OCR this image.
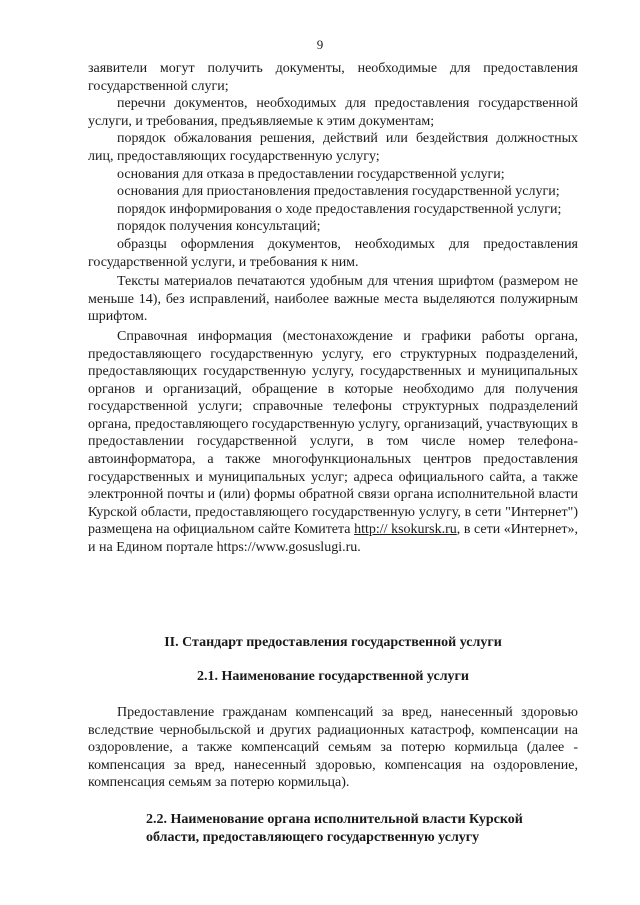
9

заявители могут получить документы, необходимые для предоставления государственной слуги;

перечни документов, необходимых для предоставления государственной услуги, и требования, предъявляемые к этим документам;

порядок обжалования решения, действий или бездействия должностных лиц, предоставляющих государственную услугу;

основания для отказа в предоставлении государственной услуги;

основания для приостановления предоставления государственной услуги;

порядок информирования о ходе предоставления государственной услуги;

порядок получения консультаций;

образцы оформления документов, необходимых для предоставления государственной услуги, и требования к ним.

Тексты материалов печатаются удобным для чтения шрифтом (размером не меньше 14), без исправлений, наиболее важные места выделяются полужирным шрифтом.

Справочная информация (местонахождение и графики работы органа, предоставляющего государственную услугу, его структурных подразделений, предоставляющих государственную услугу, государственных и муниципальных органов и организаций, обращение в которые необходимо для получения государственной услуги; справочные телефоны структурных подразделений органа, предоставляющего государственную услугу, организаций, участвующих в предоставлении государственной услуги, в том числе номер телефона-автоинформатора, а также многофункциональных центров предоставления государственных и муниципальных услуг; адреса официального сайта, а также электронной почты и (или) формы обратной связи органа исполнительной власти Курской области, предоставляющего государственную услугу, в сети "Интернет") размещена на официальном сайте Комитета http:// ksokursk.ru, в сети «Интернет», и на Едином портале https://www.gosuslugi.ru.

II. Стандарт предоставления государственной услуги
2.1. Наименование государственной услуги

Предоставление гражданам компенсаций за вред, нанесенный здоровью вследствие чернобыльской и других радиационных катастроф, компенсации на оздоровление, а также компенсаций семьям за потерю кормильца (далее - компенсация за вред, нанесенный здоровью, компенсация на оздоровление, компенсация семьям за потерю кормильца).

2.2. Наименование органа исполнительной власти Курской
области, предоставляющего государственную услугу
